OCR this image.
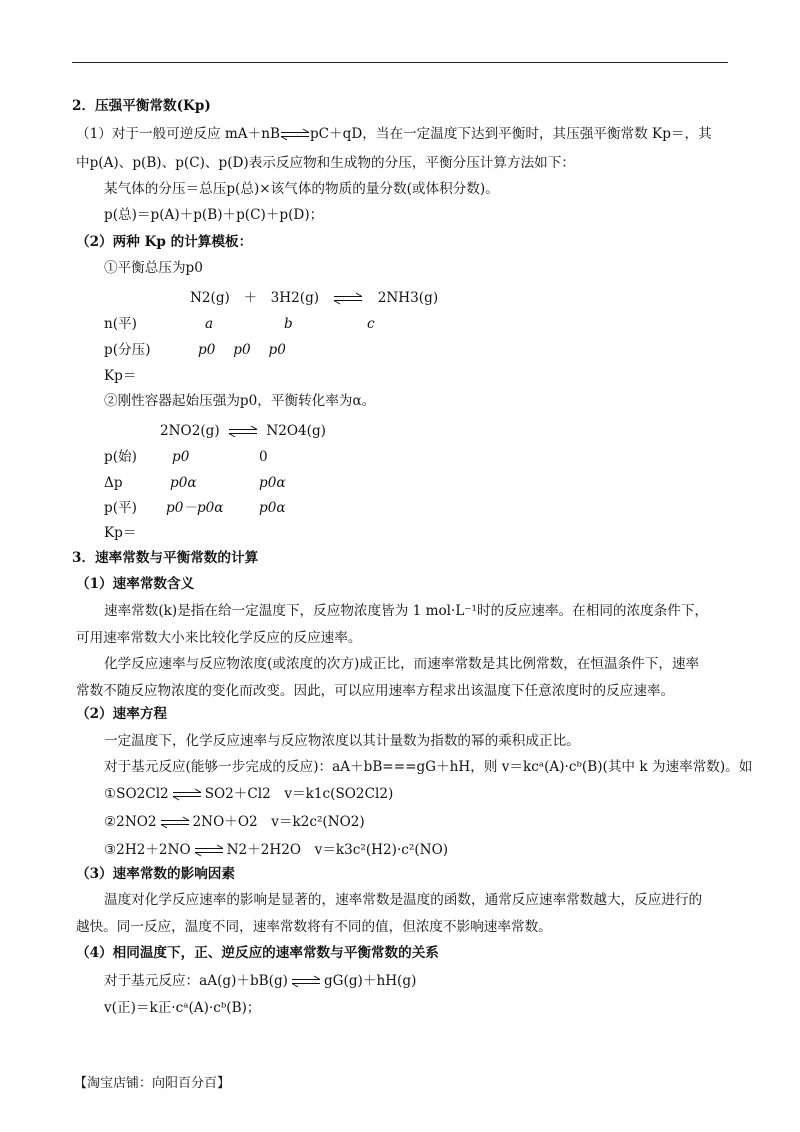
2．压强平衡常数(Kp)
（1）对于一般可逆反应 mA＋nB pC＋qD，当在一定温度下达到平衡时，其压强平衡常数 Kp＝，其
中p(A)、p(B)、p(C)、p(D)表示反应物和生成物的分压，平衡分压计算方法如下：
某气体的分压＝总压p(总)×该气体的物质的量分数(或体积分数)。
p(总)＝p(A)＋p(B)＋p(C)＋p(D)；
（2）两种 Kp 的计算模板：
①平衡总压为p0
N2(g)　＋　3H2(g)	2NH3(g)
n(平)	a	b	c
p(分压)	p0　 p0　 p0
Kp＝
②刚性容器起始压强为p0，平衡转化率为α。
2NO2(g)	N2O4(g)
p(始)	p0	0
Δp	p0α	p0α
p(平) p0－p0α	p0α
Kp＝
3．速率常数与平衡常数的计算
（1）速率常数含义
速率常数(k)是指在给一定温度下，反应物浓度皆为 1 mol·L⁻¹时的反应速率。在相同的浓度条件下，
可用速率常数大小来比较化学反应的反应速率。
化学反应速率与反应物浓度(或浓度的次方)成正比，而速率常数是其比例常数，在恒温条件下，速率
常数不随反应物浓度的变化而改变。因此，可以应用速率方程求出该温度下任意浓度时的反应速率。
（2）速率方程
一定温度下，化学反应速率与反应物浓度以其计量数为指数的幂的乘积成正比。
对于基元反应(能够一步完成的反应)：aA＋bB===gG＋hH，则 v＝kcᵃ(A)·cᵇ(B)(其中 k 为速率常数)。如
①SO2Cl2	SO2＋Cl2　v＝k1c(SO2Cl2)
②2NO2	2NO＋O2　v＝k2c²(NO2)
③2H2＋2NO	N2＋2H2O　v＝k3c²(H2)·c²(NO)
（3）速率常数的影响因素
温度对化学反应速率的影响是显著的，速率常数是温度的函数，通常反应速率常数越大，反应进行的
越快。同一反应，温度不同，速率常数将有不同的值，但浓度不影响速率常数。
（4）相同温度下，正、逆反应的速率常数与平衡常数的关系
对于基元反应：aA(g)＋bB(g)	gG(g)＋hH(g)
v(正)＝k正·cᵃ(A)·cᵇ(B)；
【淘宝店铺：向阳百分百】
